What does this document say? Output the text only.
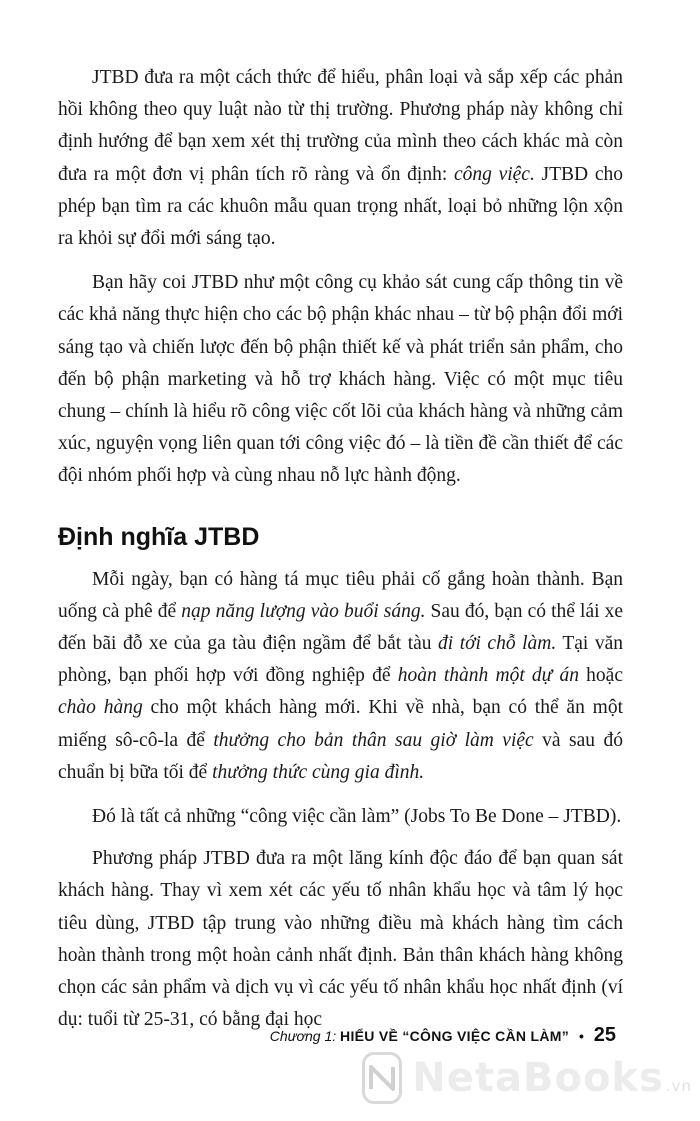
JTBD đưa ra một cách thức để hiểu, phân loại và sắp xếp các phản hồi không theo quy luật nào từ thị trường. Phương pháp này không chỉ định hướng để bạn xem xét thị trường của mình theo cách khác mà còn đưa ra một đơn vị phân tích rõ ràng và ổn định: công việc. JTBD cho phép bạn tìm ra các khuôn mẫu quan trọng nhất, loại bỏ những lộn xộn ra khỏi sự đổi mới sáng tạo.

Bạn hãy coi JTBD như một công cụ khảo sát cung cấp thông tin về các khả năng thực hiện cho các bộ phận khác nhau – từ bộ phận đổi mới sáng tạo và chiến lược đến bộ phận thiết kế và phát triển sản phẩm, cho đến bộ phận marketing và hỗ trợ khách hàng. Việc có một mục tiêu chung – chính là hiểu rõ công việc cốt lõi của khách hàng và những cảm xúc, nguyện vọng liên quan tới công việc đó – là tiền đề cần thiết để các đội nhóm phối hợp và cùng nhau nỗ lực hành động.

Định nghĩa JTBD

Mỗi ngày, bạn có hàng tá mục tiêu phải cố gắng hoàn thành. Bạn uống cà phê để nạp năng lượng vào buổi sáng. Sau đó, bạn có thể lái xe đến bãi đỗ xe của ga tàu điện ngầm để bắt tàu đi tới chỗ làm. Tại văn phòng, bạn phối hợp với đồng nghiệp để hoàn thành một dự án hoặc chào hàng cho một khách hàng mới. Khi về nhà, bạn có thể ăn một miếng sô-cô-la để thưởng cho bản thân sau giờ làm việc và sau đó chuẩn bị bữa tối để thưởng thức cùng gia đình.

Đó là tất cả những “công việc cần làm” (Jobs To Be Done – JTBD).

Phương pháp JTBD đưa ra một lăng kính độc đáo để bạn quan sát khách hàng. Thay vì xem xét các yếu tố nhân khẩu học và tâm lý học tiêu dùng, JTBD tập trung vào những điều mà khách hàng tìm cách hoàn thành trong một hoàn cảnh nhất định. Bản thân khách hàng không chọn các sản phẩm và dịch vụ vì các yếu tố nhân khẩu học nhất định (ví dụ: tuổi từ 25-31, có bằng đại học

Chương 1: HIỂU VỀ “CÔNG VIỆC CẦN LÀM” • 25
NetaBooks .vn
